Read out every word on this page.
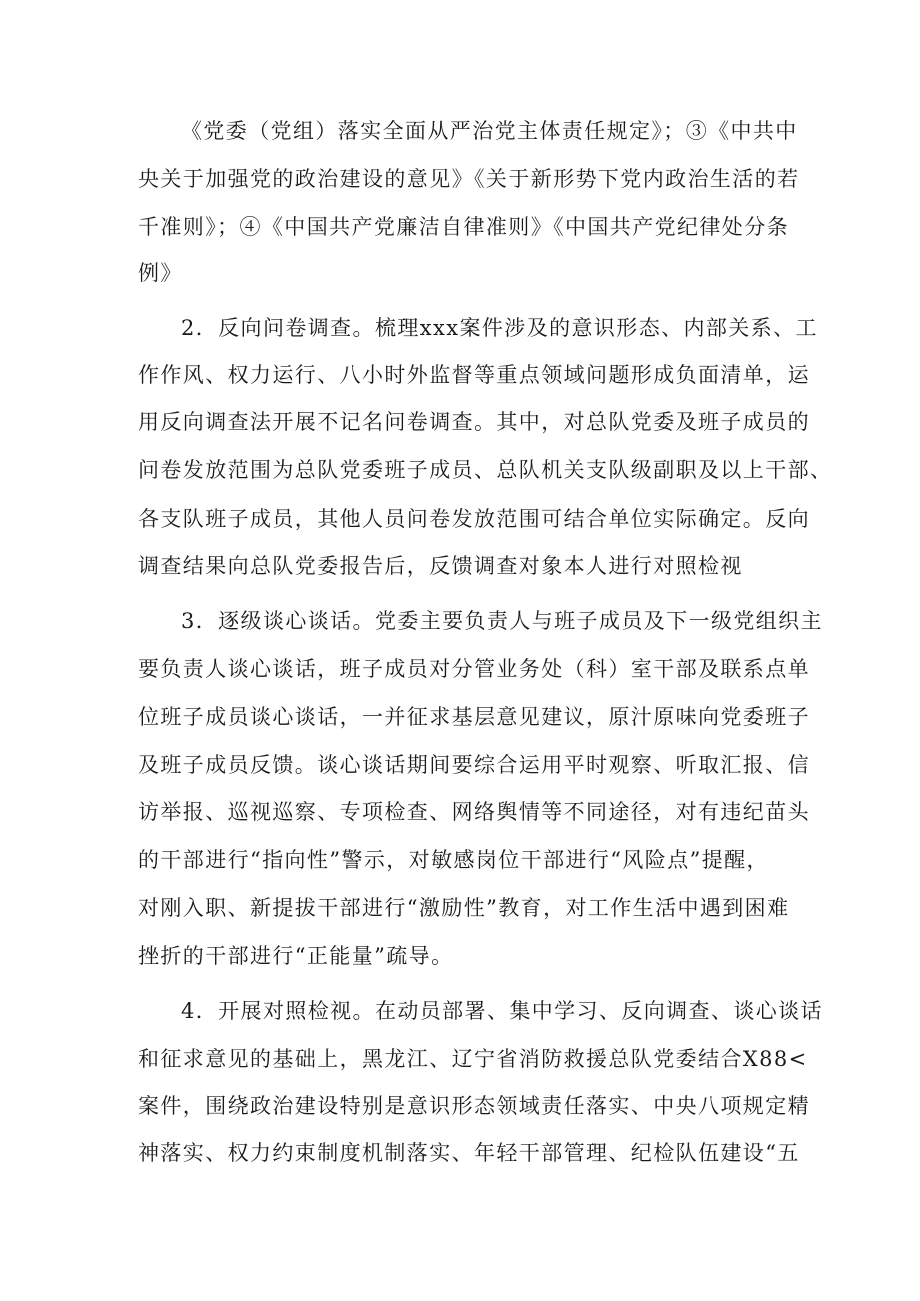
《党委（党组）落实全面从严治党主体责任规定》；③《中共中
央关于加强党的政治建设的意见》《关于新形势下党内政治生活的若
千准则》；④《中国共产党廉洁自律准则》《中国共产党纪律处分条
例》
2．反向问卷调查。梳理xxx案件涉及的意识形态、内部关系、工
作作风、权力运行、八小时外监督等重点领域问题形成负面清单，运
用反向调查法开展不记名问卷调查。其中，对总队党委及班子成员的
问卷发放范围为总队党委班子成员、总队机关支队级副职及以上干部、
各支队班子成员，其他人员问卷发放范围可结合单位实际确定。反向
调查结果向总队党委报告后，反馈调查对象本人进行对照检视
3．逐级谈心谈话。党委主要负责人与班子成员及下一级党组织主
要负责人谈心谈话，班子成员对分管业务处（科）室干部及联系点单
位班子成员谈心谈话，一并征求基层意见建议，原汁原味向党委班子
及班子成员反馈。谈心谈话期间要综合运用平时观察、听取汇报、信
访举报、巡视巡察、专项检查、网络舆情等不同途径，对有违纪苗头
的干部进行“指向性”警示，对敏感岗位干部进行“风险点”提醒，
对刚入职、新提拔干部进行“激励性”教育，对工作生活中遇到困难
挫折的干部进行“正能量”疏导。
4．开展对照检视。在动员部署、集中学习、反向调查、谈心谈话
和征求意见的基础上，黑龙江、辽宁省消防救援总队党委结合X88<
案件，围绕政治建设特别是意识形态领域责任落实、中央八项规定精
神落实、权力约束制度机制落实、年轻干部管理、纪检队伍建设“五
